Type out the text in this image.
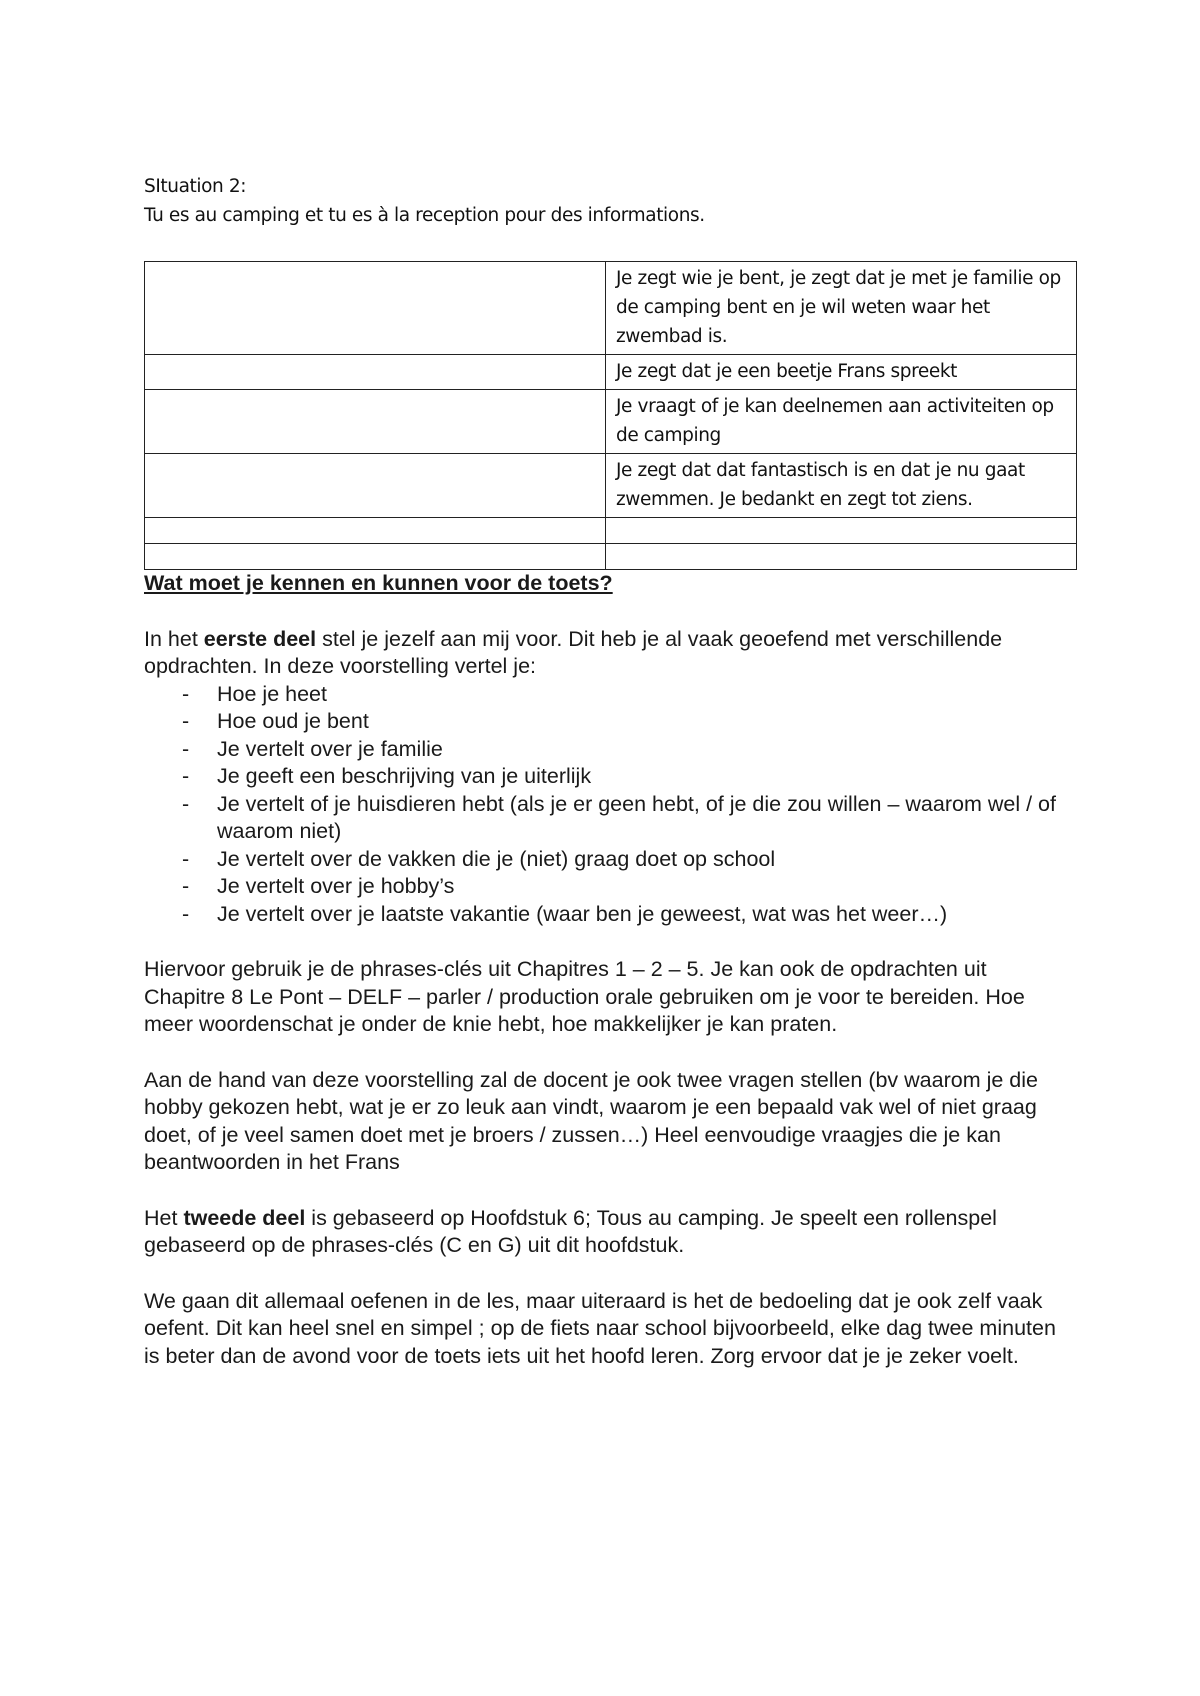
SItuation 2:

Tu es au camping et tu es à la reception pour des informations.

	Je zegt wie je bent, je zegt dat je met je familie op de camping bent en je wil weten waar het zwembad is.
	Je zegt dat je een beetje Frans spreekt
	Je vraagt of je kan deelnemen aan activiteiten op de camping
	Je zegt dat dat fantastisch is en dat je nu gaat zwemmen. Je bedankt en zegt tot ziens.

Wat moet je kennen en kunnen voor de toets?

In het eerste deel stel je jezelf aan mij voor. Dit heb je al vaak geoefend met verschillende opdrachten. In deze voorstelling vertel je:

- Hoe je heet
- Hoe oud je bent
- Je vertelt over je familie
- Je geeft een beschrijving van je uiterlijk
- Je vertelt of je huisdieren hebt (als je er geen hebt, of je die zou willen – waarom wel / of waarom niet)
- Je vertelt over de vakken die je (niet) graag doet op school
- Je vertelt over je hobby’s
- Je vertelt over je laatste vakantie (waar ben je geweest, wat was het weer…)

Hiervoor gebruik je de phrases-clés uit Chapitres 1 – 2 – 5. Je kan ook de opdrachten uit Chapitre 8 Le Pont – DELF – parler / production orale gebruiken om je voor te bereiden. Hoe meer woordenschat je onder de knie hebt, hoe makkelijker je kan praten.

Aan de hand van deze voorstelling zal de docent je ook twee vragen stellen (bv waarom je die hobby gekozen hebt, wat je er zo leuk aan vindt, waarom je een bepaald vak wel of niet graag doet, of je veel samen doet met je broers / zussen…) Heel eenvoudige vraagjes die je kan beantwoorden in het Frans

Het tweede deel is gebaseerd op Hoofdstuk 6; Tous au camping. Je speelt een rollenspel gebaseerd op de phrases-clés (C en G) uit dit hoofdstuk.

We gaan dit allemaal oefenen in de les, maar uiteraard is het de bedoeling dat je ook zelf vaak oefent. Dit kan heel snel en simpel ; op de fiets naar school bijvoorbeeld, elke dag twee minuten is beter dan de avond voor de toets iets uit het hoofd leren. Zorg ervoor dat je je zeker voelt.
